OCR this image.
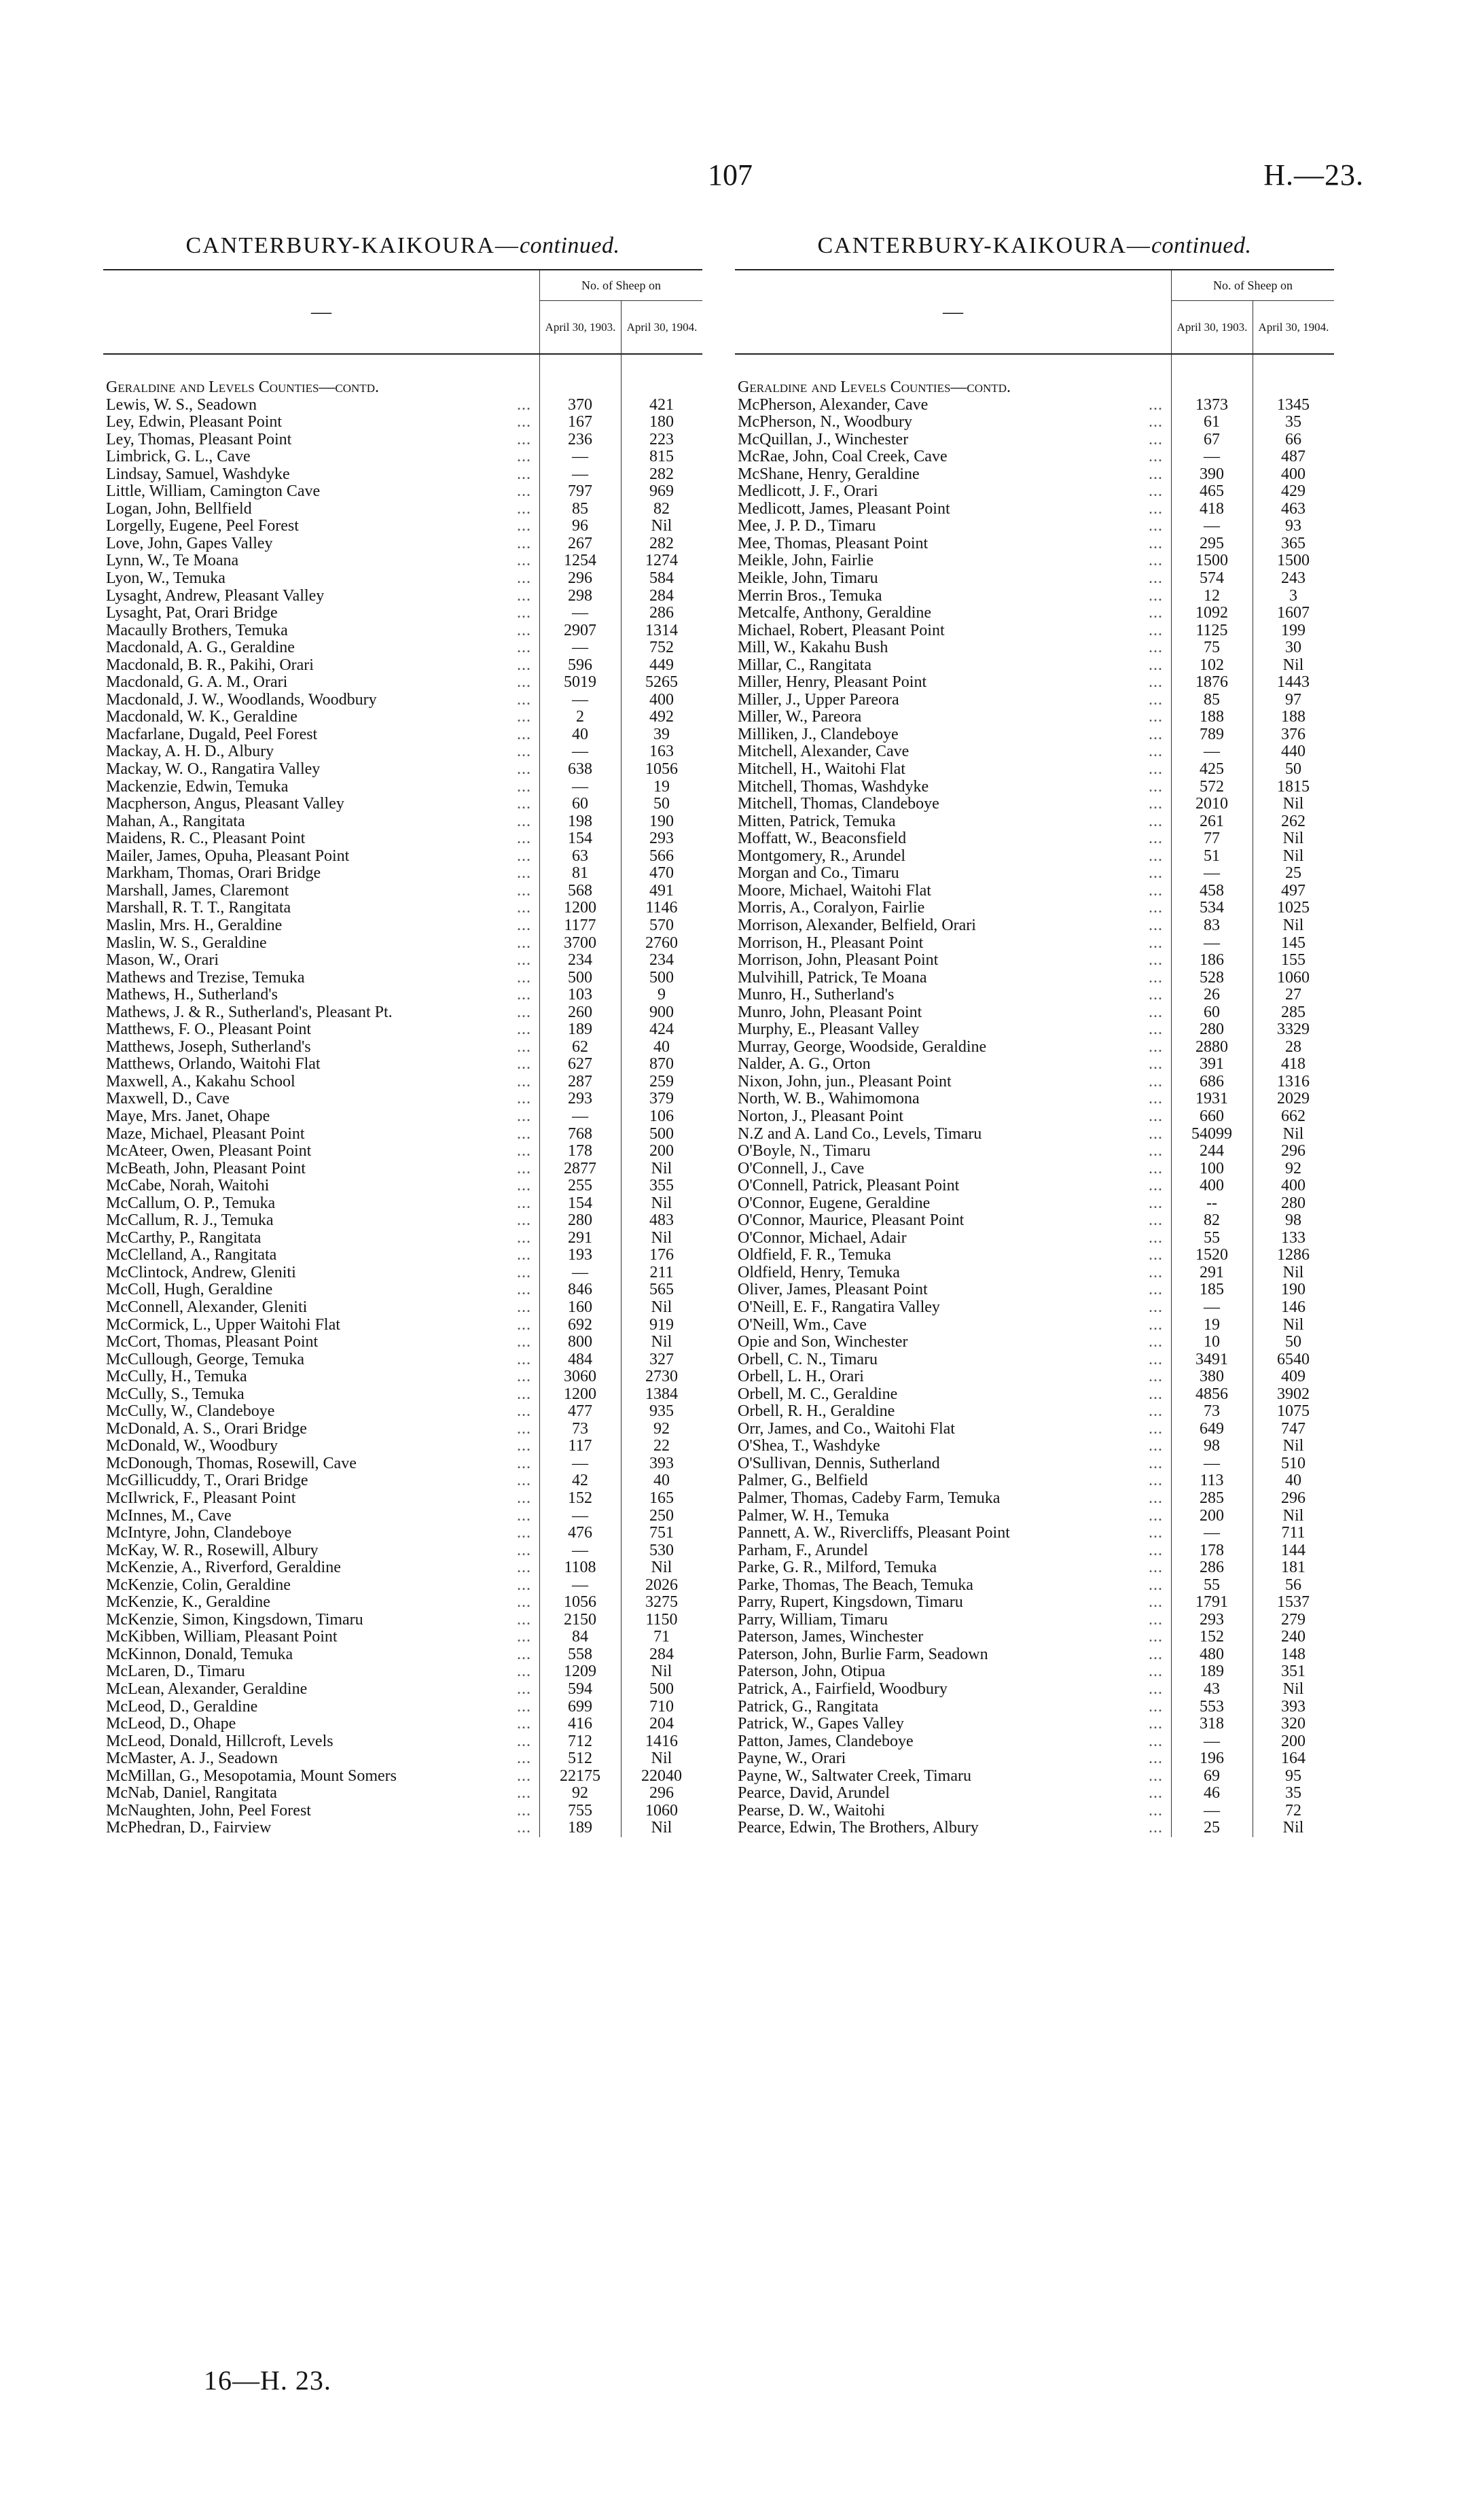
107	H.—23.
CANTERBURY-KAIKOURA—continued.
—
No. of Sheep on
April 30, 1903. April 30, 1904.
Geraldine and Levels Counties—contd.
Lewis, W. S., Seadown	...	370	421
Ley, Edwin, Pleasant Point	...	167	180
Ley, Thomas, Pleasant Point	...	236	223
Limbrick, G. L., Cave	...	—	815
Lindsay, Samuel, Washdyke	...	—	282
Little, William, Camington Cave	...	797	969
Logan, John, Bellfield	...	85	82
Lorgelly, Eugene, Peel Forest	...	96	Nil
Love, John, Gapes Valley	...	267	282
Lynn, W., Te Moana	...	1254	1274
Lyon, W., Temuka	...	296	584
Lysaght, Andrew, Pleasant Valley	...	298	284
Lysaght, Pat, Orari Bridge	...	—	286
Macaully Brothers, Temuka	...	2907	1314
Macdonald, A. G., Geraldine	...	—	752
Macdonald, B. R., Pakihi, Orari	...	596	449
Macdonald, G. A. M., Orari	...	5019	5265
Macdonald, J. W., Woodlands, Woodbury	...	—	400
Macdonald, W. K., Geraldine	...	2	492
Macfarlane, Dugald, Peel Forest	...	40	39
Mackay, A. H. D., Albury	...	—	163
Mackay, W. O., Rangatira Valley	...	638	1056
Mackenzie, Edwin, Temuka	...	—	19
Macpherson, Angus, Pleasant Valley	...	60	50
Mahan, A., Rangitata	...	198	190
Maidens, R. C., Pleasant Point	...	154	293
Mailer, James, Opuha, Pleasant Point	...	63	566
Markham, Thomas, Orari Bridge	...	81	470
Marshall, James, Claremont	...	568	491
Marshall, R. T. T., Rangitata	...	1200	1146
Maslin, Mrs. H., Geraldine	...	1177	570
Maslin, W. S., Geraldine	...	3700	2760
Mason, W., Orari	...	234	234
Mathews and Trezise, Temuka	...	500	500
Mathews, H., Sutherland's	...	103	9
Mathews, J. & R., Sutherland's, Pleasant Pt.	...	260	900
Matthews, F. O., Pleasant Point	...	189	424
Matthews, Joseph, Sutherland's	...	62	40
Matthews, Orlando, Waitohi Flat	...	627	870
Maxwell, A., Kakahu School	...	287	259
Maxwell, D., Cave	...	293	379
Maye, Mrs. Janet, Ohape	...	—	106
Maze, Michael, Pleasant Point	...	768	500
McAteer, Owen, Pleasant Point	...	178	200
McBeath, John, Pleasant Point	...	2877	Nil
McCabe, Norah, Waitohi	...	255	355
McCallum, O. P., Temuka	...	154	Nil
McCallum, R. J., Temuka	...	280	483
McCarthy, P., Rangitata	...	291	Nil
McClelland, A., Rangitata	...	193	176
McClintock, Andrew, Gleniti	...	—	211
McColl, Hugh, Geraldine	...	846	565
McConnell, Alexander, Gleniti	...	160	Nil
McCormick, L., Upper Waitohi Flat	...	692	919
McCort, Thomas, Pleasant Point	...	800	Nil
McCullough, George, Temuka	...	484	327
McCully, H., Temuka	...	3060	2730
McCully, S., Temuka	...	1200	1384
McCully, W., Clandeboye	...	477	935
McDonald, A. S., Orari Bridge	...	73	92
McDonald, W., Woodbury	...	117	22
McDonough, Thomas, Rosewill, Cave	...	—	393
McGillicuddy, T., Orari Bridge	...	42	40
McIlwrick, F., Pleasant Point	...	152	165
McInnes, M., Cave	...	—	250
McIntyre, John, Clandeboye	...	476	751
McKay, W. R., Rosewill, Albury	...	—	530
McKenzie, A., Riverford, Geraldine	...	1108	Nil
McKenzie, Colin, Geraldine	...	—	2026
McKenzie, K., Geraldine	...	1056	3275
McKenzie, Simon, Kingsdown, Timaru	...	2150	1150
McKibben, William, Pleasant Point	...	84	71
McKinnon, Donald, Temuka	...	558	284
McLaren, D., Timaru	...	1209	Nil
McLean, Alexander, Geraldine	...	594	500
McLeod, D., Geraldine	...	699	710
McLeod, D., Ohape	...	416	204
McLeod, Donald, Hillcroft, Levels	...	712	1416
McMaster, A. J., Seadown	...	512	Nil
McMillan, G., Mesopotamia, Mount Somers	...	22175	22040
McNab, Daniel, Rangitata	...	92	296
McNaughten, John, Peel Forest	...	755	1060
McPhedran, D., Fairview	...	189	Nil
CANTERBURY-KAIKOURA—continued.
—
No. of Sheep on
April 30, 1903. April 30, 1904.
Geraldine and Levels Counties—contd.
McPherson, Alexander, Cave	...	1373	1345
McPherson, N., Woodbury	...	61	35
McQuillan, J., Winchester	...	67	66
McRae, John, Coal Creek, Cave	...	—	487
McShane, Henry, Geraldine	...	390	400
Medlicott, J. F., Orari	...	465	429
Medlicott, James, Pleasant Point	...	418	463
Mee, J. P. D., Timaru	...	—	93
Mee, Thomas, Pleasant Point	...	295	365
Meikle, John, Fairlie	...	1500	1500
Meikle, John, Timaru	...	574	243
Merrin Bros., Temuka	...	12	3
Metcalfe, Anthony, Geraldine	...	1092	1607
Michael, Robert, Pleasant Point	...	1125	199
Mill, W., Kakahu Bush	...	75	30
Millar, C., Rangitata	...	102	Nil
Miller, Henry, Pleasant Point	...	1876	1443
Miller, J., Upper Pareora	...	85	97
Miller, W., Pareora	...	188	188
Milliken, J., Clandeboye	...	789	376
Mitchell, Alexander, Cave	...	—	440
Mitchell, H., Waitohi Flat	...	425	50
Mitchell, Thomas, Washdyke	...	572	1815
Mitchell, Thomas, Clandeboye	...	2010	Nil
Mitten, Patrick, Temuka	...	261	262
Moffatt, W., Beaconsfield	...	77	Nil
Montgomery, R., Arundel	...	51	Nil
Morgan and Co., Timaru	...	—	25
Moore, Michael, Waitohi Flat	...	458	497
Morris, A., Coralyon, Fairlie	...	534	1025
Morrison, Alexander, Belfield, Orari	...	83	Nil
Morrison, H., Pleasant Point	...	—	145
Morrison, John, Pleasant Point	...	186	155
Mulvihill, Patrick, Te Moana	...	528	1060
Munro, H., Sutherland's	...	26	27
Munro, John, Pleasant Point	...	60	285
Murphy, E., Pleasant Valley	...	280	3329
Murray, George, Woodside, Geraldine	...	2880	28
Nalder, A. G., Orton	...	391	418
Nixon, John, jun., Pleasant Point	...	686	1316
North, W. B., Wahimomona	...	1931	2029
Norton, J., Pleasant Point	...	660	662
N.Z and A. Land Co., Levels, Timaru	...	54099	Nil
O'Boyle, N., Timaru	...	244	296
O'Connell, J., Cave	...	100	92
O'Connell, Patrick, Pleasant Point	...	400	400
O'Connor, Eugene, Geraldine	...	--	280
O'Connor, Maurice, Pleasant Point	...	82	98
O'Connor, Michael, Adair	...	55	133
Oldfield, F. R., Temuka	...	1520	1286
Oldfield, Henry, Temuka	...	291	Nil
Oliver, James, Pleasant Point	...	185	190
O'Neill, E. F., Rangatira Valley	...	—	146
O'Neill, Wm., Cave	...	19	Nil
Opie and Son, Winchester	...	10	50
Orbell, C. N., Timaru	...	3491	6540
Orbell, L. H., Orari	...	380	409
Orbell, M. C., Geraldine	...	4856	3902
Orbell, R. H., Geraldine	...	73	1075
Orr, James, and Co., Waitohi Flat	...	649	747
O'Shea, T., Washdyke	...	98	Nil
O'Sullivan, Dennis, Sutherland	...	—	510
Palmer, G., Belfield	...	113	40
Palmer, Thomas, Cadeby Farm, Temuka	...	285	296
Palmer, W. H., Temuka	...	200	Nil
Pannett, A. W., Rivercliffs, Pleasant Point	...	—	711
Parham, F., Arundel	...	178	144
Parke, G. R., Milford, Temuka	...	286	181
Parke, Thomas, The Beach, Temuka	...	55	56
Parry, Rupert, Kingsdown, Timaru	...	1791	1537
Parry, William, Timaru	...	293	279
Paterson, James, Winchester	...	152	240
Paterson, John, Burlie Farm, Seadown	...	480	148
Paterson, John, Otipua	...	189	351
Patrick, A., Fairfield, Woodbury	...	43	Nil
Patrick, G., Rangitata	...	553	393
Patrick, W., Gapes Valley	...	318	320
Patton, James, Clandeboye	...	—	200
Payne, W., Orari	...	196	164
Payne, W., Saltwater Creek, Timaru	...	69	95
Pearce, David, Arundel	...	46	35
Pearse, D. W., Waitohi	...	—	72
Pearce, Edwin, The Brothers, Albury	...	25	Nil
16—H. 23.
